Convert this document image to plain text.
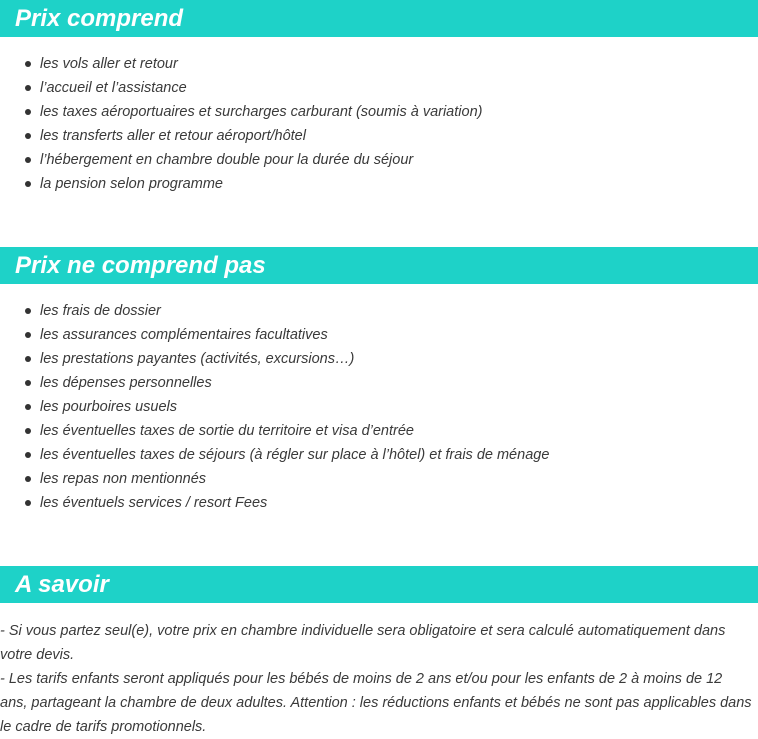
Prix comprend
les vols aller et retour
l’accueil et l’assistance
les taxes aéroportuaires et surcharges carburant (soumis à variation)
les transferts aller et retour aéroport/hôtel
l’hébergement en chambre double pour la durée du séjour
la pension selon programme
Prix ne comprend pas
les frais de dossier
les assurances complémentaires facultatives
les prestations payantes (activités, excursions…)
les dépenses personnelles
les pourboires usuels
les éventuelles taxes de sortie du territoire et visa d’entrée
les éventuelles taxes de séjours (à régler sur place à l’hôtel) et frais de ménage
les repas non mentionnés
les éventuels services / resort Fees
A savoir

- Si vous partez seul(e), votre prix en chambre individuelle sera obligatoire et sera calculé automatiquement dans votre devis.

- Les tarifs enfants seront appliqués pour les bébés de moins de 2 ans et/ou pour les enfants de 2 à moins de 12 ans, partageant la chambre de deux adultes. Attention : les réductions enfants et bébés ne sont pas applicables dans le cadre de tarifs promotionnels.
